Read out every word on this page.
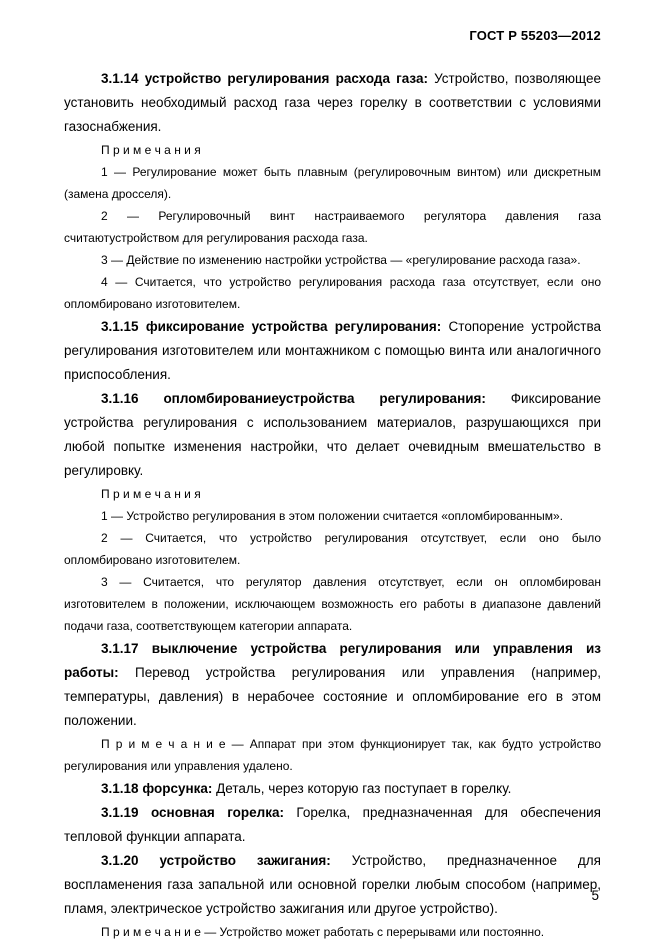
ГОСТ Р 55203—2012

3.1.14 устройство регулирования расхода газа: Устройство, позволяющее установить необходимый расход газа через горелку в соответствии с условиями газоснабжения.

П р и м е ч а н и я

1 — Регулирование может быть плавным (регулировочным винтом) или дискретным (замена дросселя).

2 — Регулировочный винт настраиваемого регулятора давления газа считаютустройством для регулирования расхода газа.

3 — Действие по изменению настройки устройства — «регулирование расхода газа».

4 — Считается, что устройство регулирования расхода газа отсутствует, если оно опломбировано изготовителем.

3.1.15 фиксирование устройства регулирования: Стопорение устройства регулирования изготовителем или монтажником с помощью винта или аналогичного приспособления.

3.1.16 опломбированиеустройства регулирования: Фиксирование устройства регулирования с использованием материалов, разрушающихся при любой попытке изменения настройки, что делает очевидным вмешательство в регулировку.

П р и м е ч а н и я

1 — Устройство регулирования в этом положении считается «опломбированным».

2 — Считается, что устройство регулирования отсутствует, если оно было опломбировано изготовителем.

3 — Считается, что регулятор давления отсутствует, если он опломбирован изготовителем в положении, исключающем возможность его работы в диапазоне давлений подачи газа, соответствующем категории аппарата.

3.1.17 выключение устройства регулирования или управления из работы: Перевод устройства регулирования или управления (например, температуры, давления) в нерабочее состояние и опломбирование его в этом положении.

П р и м е ч а н и е — Аппарат при этом функционирует так, как будто устройство регулирования или управления удалено.

3.1.18 форсунка: Деталь, через которую газ поступает в горелку.

3.1.19 основная горелка: Горелка, предназначенная для обеспечения тепловой функции аппарата.

3.1.20 устройство зажигания: Устройство, предназначенное для воспламенения газа запальной или основной горелки любым способом (например, пламя, электрическое устройство зажигания или другое устройство).

П р и м е ч а н и е — Устройство может работать с перерывами или постоянно.

5
